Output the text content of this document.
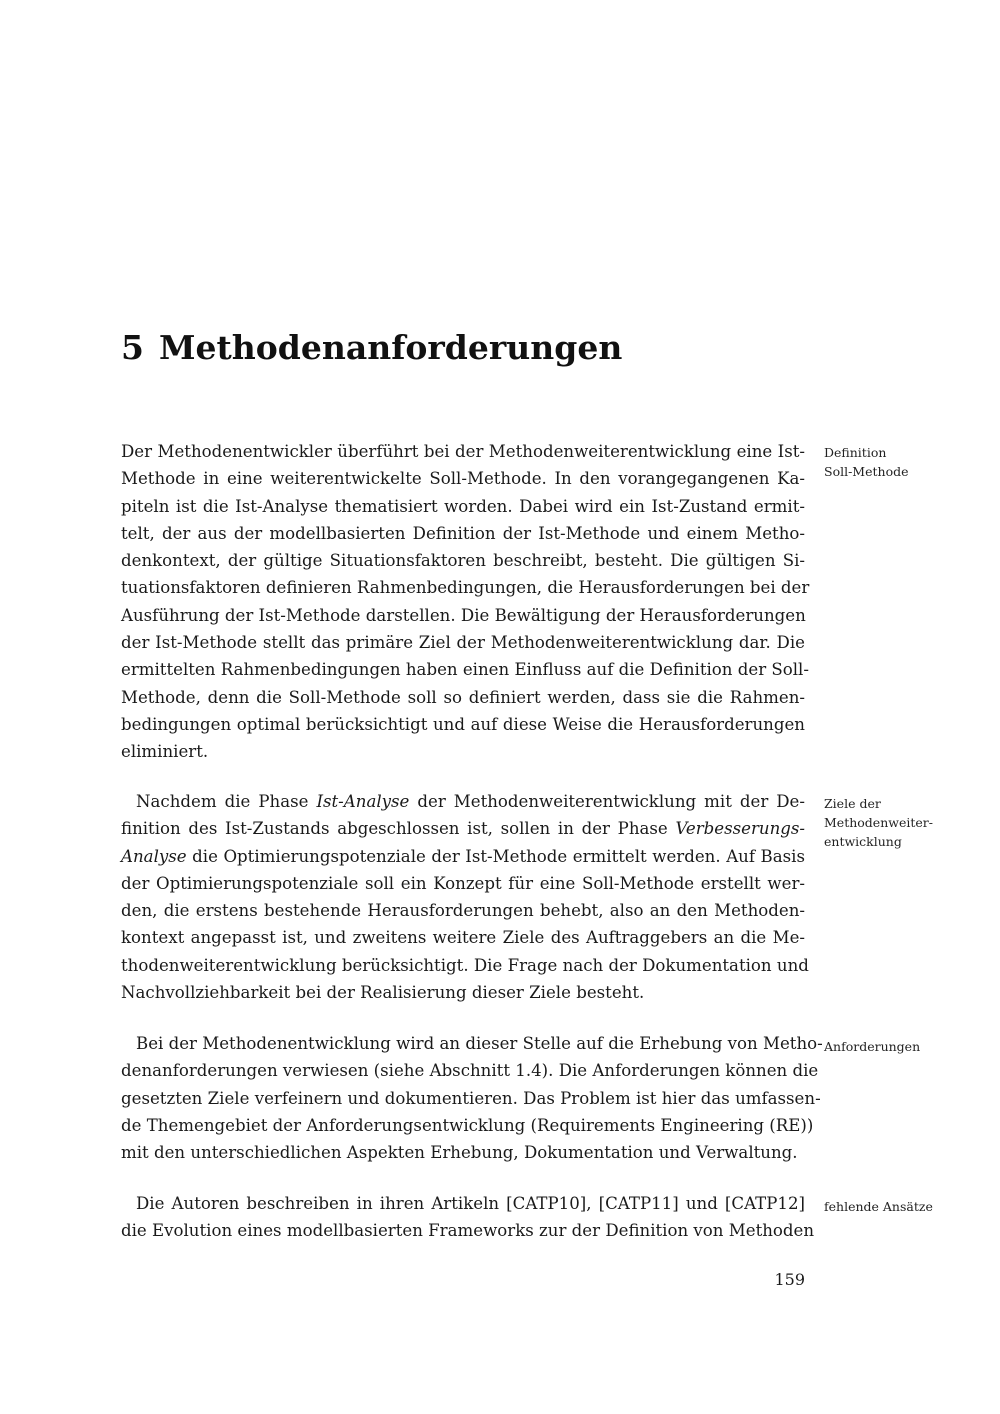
5 Methodenanforderungen
Der Methodenentwickler überführt bei der Methodenweiterentwicklung eine Ist-
Methode in eine weiterentwickelte Soll-Methode. In den vorangegangenen Ka-
piteln ist die Ist-Analyse thematisiert worden. Dabei wird ein Ist-Zustand ermit-
telt, der aus der modellbasierten Definition der Ist-Methode und einem Metho-
denkontext, der gültige Situationsfaktoren beschreibt, besteht. Die gültigen Si-
tuationsfaktoren definieren Rahmenbedingungen, die Herausforderungen bei der
Ausführung der Ist-Methode darstellen. Die Bewältigung der Herausforderungen
der Ist-Methode stellt das primäre Ziel der Methodenweiterentwicklung dar. Die
ermittelten Rahmenbedingungen haben einen Einfluss auf die Definition der Soll-
Methode, denn die Soll-Methode soll so definiert werden, dass sie die Rahmen-
bedingungen optimal berücksichtigt und auf diese Weise die Herausforderungen
eliminiert.
Definition
Soll-Methode
Nachdem die Phase Ist-Analyse der Methodenweiterentwicklung mit der De-
finition des Ist-Zustands abgeschlossen ist, sollen in der Phase Verbesserungs-
Analyse die Optimierungspotenziale der Ist-Methode ermittelt werden. Auf Basis
der Optimierungspotenziale soll ein Konzept für eine Soll-Methode erstellt wer-
den, die erstens bestehende Herausforderungen behebt, also an den Methoden-
kontext angepasst ist, und zweitens weitere Ziele des Auftraggebers an die Me-
thodenweiterentwicklung berücksichtigt. Die Frage nach der Dokumentation und
Nachvollziehbarkeit bei der Realisierung dieser Ziele besteht.
Ziele der
Methodenweiter-
entwicklung
Bei der Methodenentwicklung wird an dieser Stelle auf die Erhebung von Metho-
denanforderungen verwiesen (siehe Abschnitt 1.4). Die Anforderungen können die
gesetzten Ziele verfeinern und dokumentieren. Das Problem ist hier das umfassen-
de Themengebiet der Anforderungsentwicklung (Requirements Engineering (RE))
mit den unterschiedlichen Aspekten Erhebung, Dokumentation und Verwaltung.
Anforderungen
Die Autoren beschreiben in ihren Artikeln [CATP10], [CATP11] und [CATP12]
die Evolution eines modellbasierten Frameworks zur der Definition von Methoden
fehlende Ansätze
159
